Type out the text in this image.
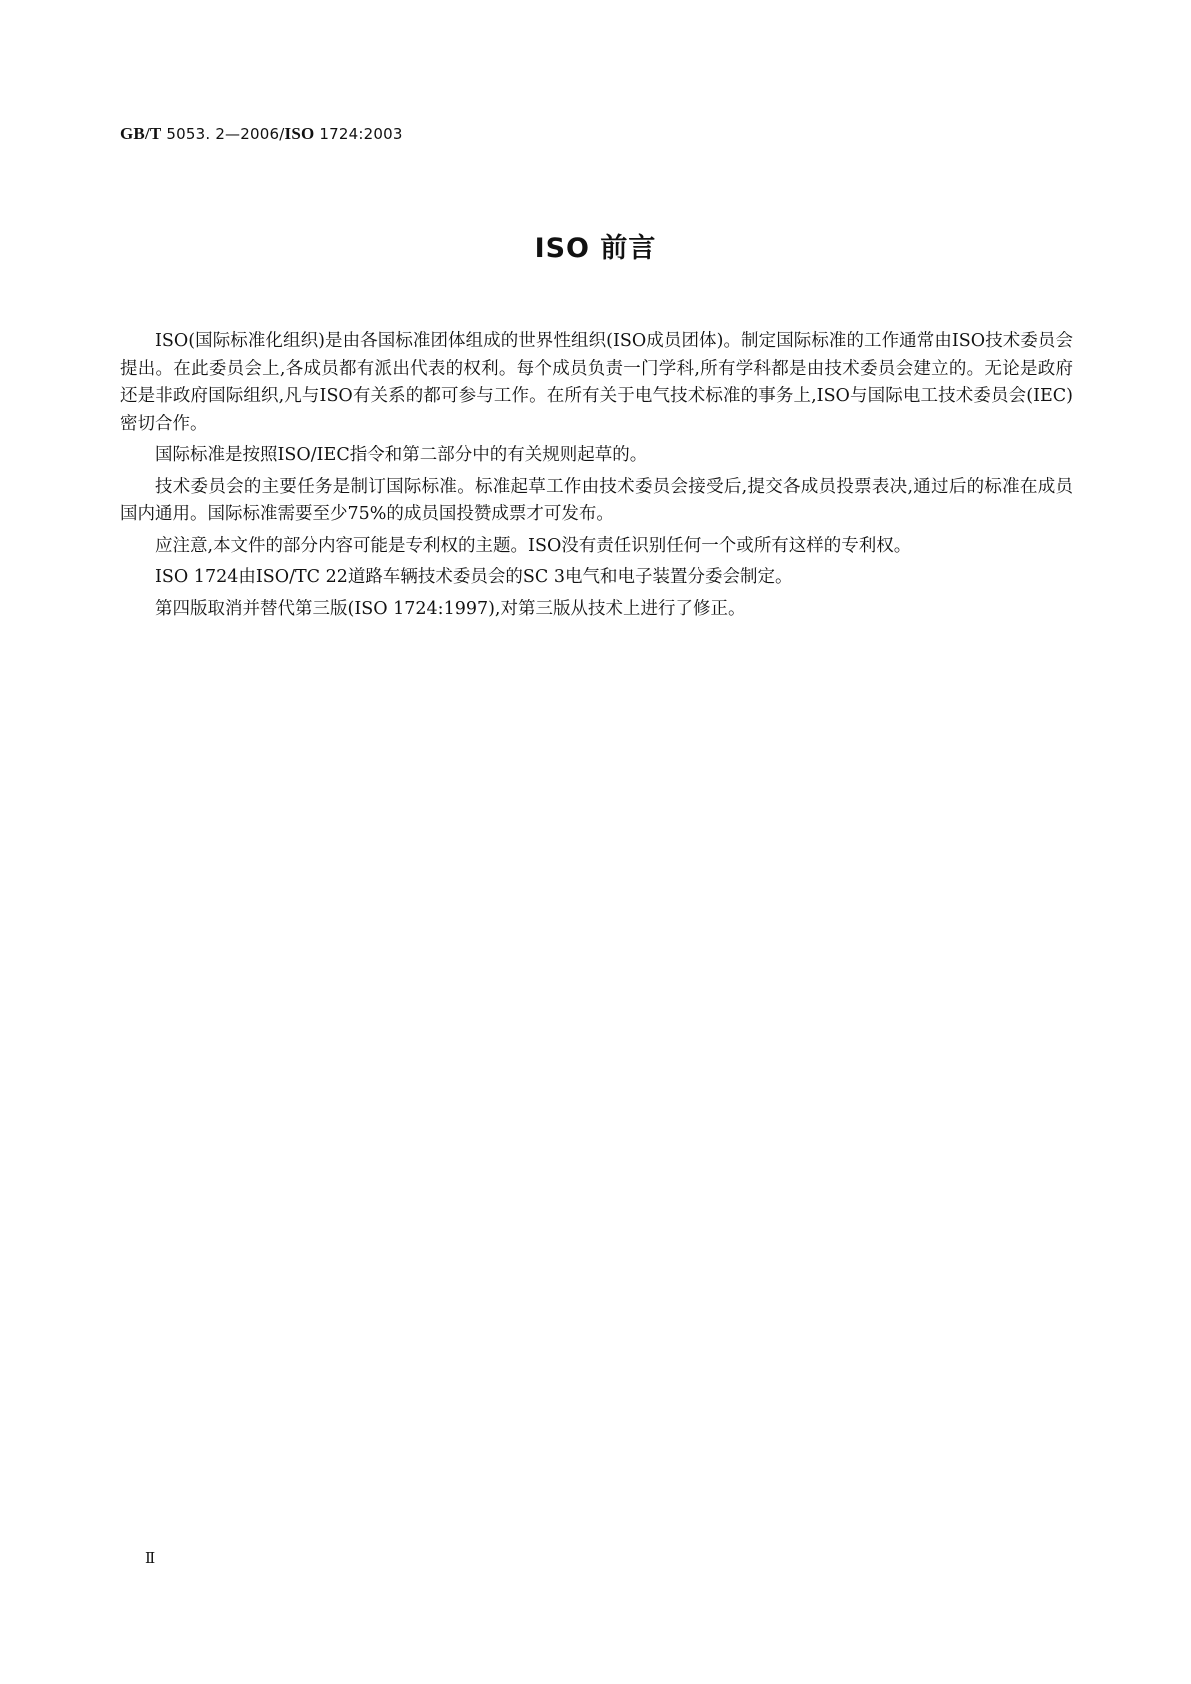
GB/T 5053. 2—2006/ISO 1724:2003
ISO 前言

ISO(国际标准化组织)是由各国标准团体组成的世界性组织(ISO成员团体)。制定国际标准的工作通常由ISO技术委员会提出。在此委员会上,各成员都有派出代表的权利。每个成员负责一门学科,所有学科都是由技术委员会建立的。无论是政府还是非政府国际组织,凡与ISO有关系的都可参与工作。在所有关于电气技术标准的事务上,ISO与国际电工技术委员会(IEC)密切合作。

国际标准是按照ISO/IEC指令和第二部分中的有关规则起草的。

技术委员会的主要任务是制订国际标准。标准起草工作由技术委员会接受后,提交各成员投票表决,通过后的标准在成员国内通用。国际标准需要至少75%的成员国投赞成票才可发布。

应注意,本文件的部分内容可能是专利权的主题。ISO没有责任识别任何一个或所有这样的专利权。

ISO 1724由ISO/TC 22道路车辆技术委员会的SC 3电气和电子装置分委会制定。

第四版取消并替代第三版(ISO 1724:1997),对第三版从技术上进行了修正。

Ⅱ
